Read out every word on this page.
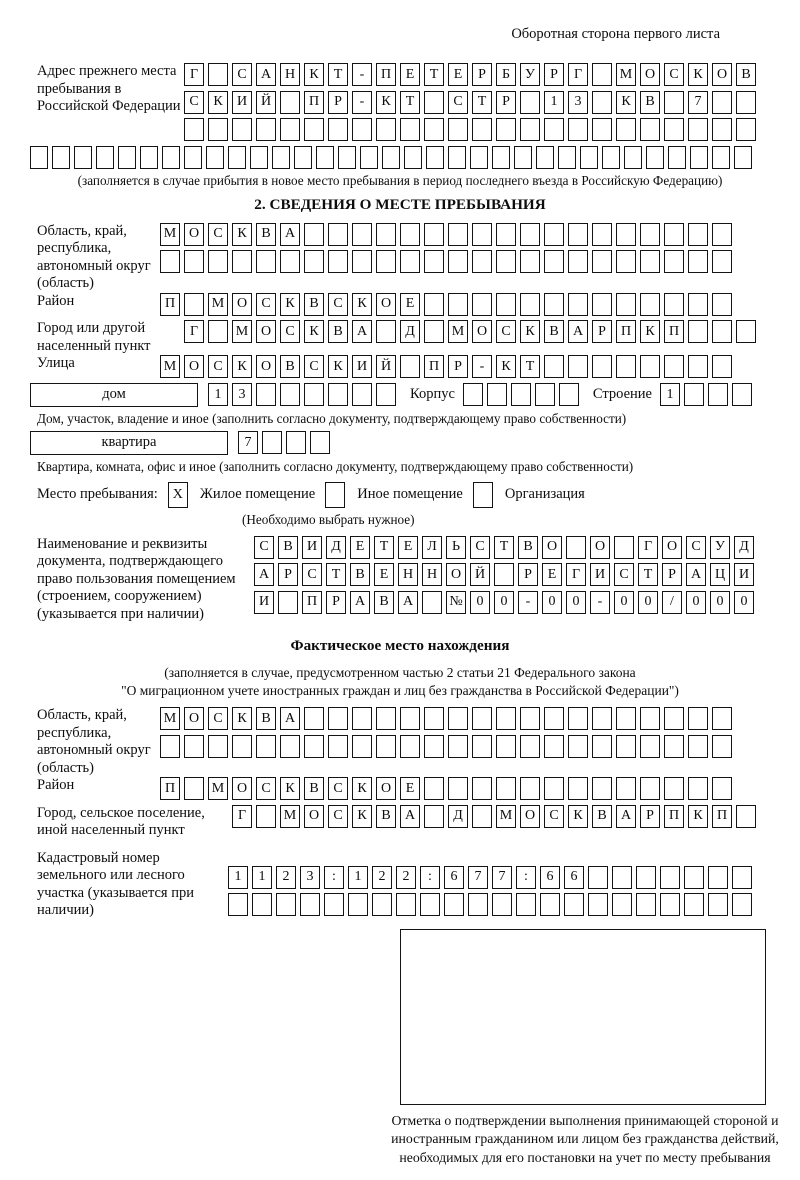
Оборотная сторона первого листа
Адрес прежнего места пребывания в Российской Федерации
Г	С	А Н	К	Т	-	П	Е	Т	Е	Р	Б	У	Р	Г	М О	С	К	О	В
С	К	И Й	П	Р	-	К	Т	С	Т	Р	1	3	К	В	7
(заполняется в случае прибытия в новое место пребывания в период последнего въезда в Российскую Федерацию)
2. СВЕДЕНИЯ О МЕСТЕ ПРЕБЫВАНИЯ
Область, край, республика, автономный округ (область)
М О	С	К	В	А
Район	П	М О	С	К	В	С	К	О	Е
Город или другой населенный пункт
Г	М О	С	К	В	А	Д	М О	С	К	В	А	Р	П	К	П
Улица	М О	С	К	О	В	С	К	И Й	П	Р	-	К	Т
дом	1	3	Корпус	Строение	1
Дом, участок, владение и иное (заполнить согласно документу, подтверждающему право собственности)
квартира	7
Квартира, комната, офис и иное (заполнить согласно документу, подтверждающему право собственности)
Место пребывания:	X	Жилое помещение	Иное помещение	Организация
(Необходимо выбрать нужное)
Наименование и реквизиты документа, подтверждающего право пользования помещением (строением, сооружением) (указывается при наличии)
С	В	И	Д	Е	Т	Е	Л	Ь	С	Т	В	О	О	Г	О	С	У	Д
А	Р	С	Т	В	Е	Н Н О Й	Р	Е	Г	И	С	Т	Р	А Ц И
И	П	Р	А	В	А	№ 0	0	-	0	0	-	0	0	/	0	0	0
Фактическое место нахождения
(заполняется в случае, предусмотренном частью 2 статьи 21 Федерального закона
"О миграционном учете иностранных граждан и лиц без гражданства в Российской Федерации")
Область, край, республика, автономный округ (область)
М О	С	К	В	А
Район	П	М О	С	К	В	С	К	О	Е
Город, сельское поселение, иной населенный пункт
Г	М О	С	К	В	А	Д	М О	С	К	В	А	Р	П	К	П
Кадастровый номер земельного или лесного участка (указывается при наличии)
1	1	2	3	:	1	2	2	:	6	7	7	:	6	6
Отметка о подтверждении выполнения принимающей стороной и иностранным гражданином или лицом без гражданства действий, необходимых для его постановки на учет по месту пребывания
